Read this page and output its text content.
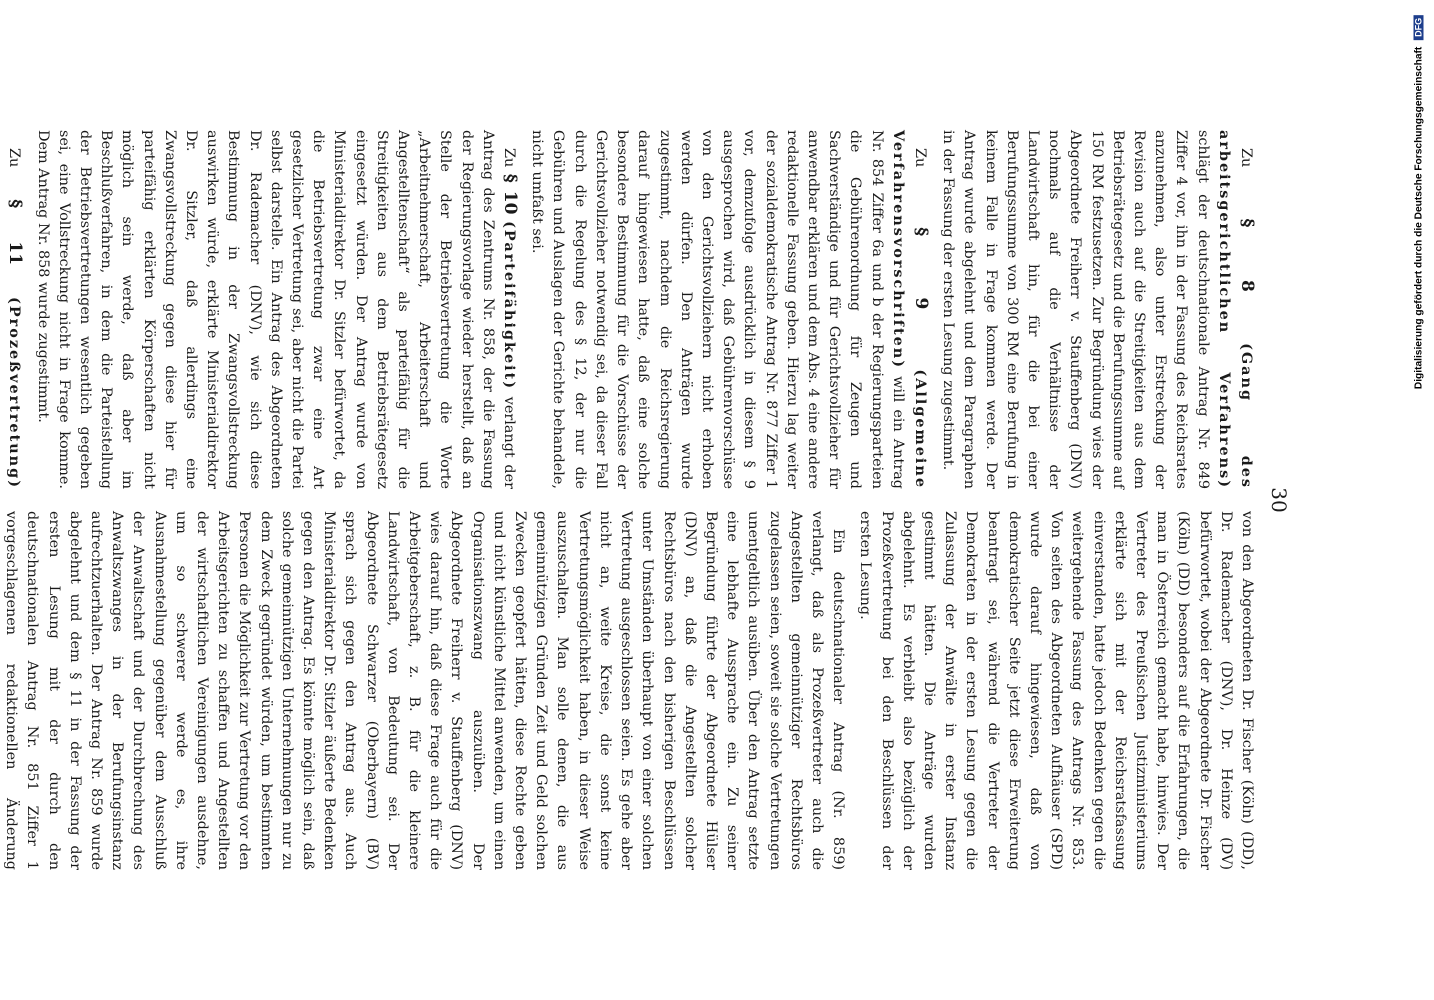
30

Zu § 8 (Gang des arbeitsgerichtlichen Verfahrens) schlägt der deutschnationale Antrag Nr. 849 Ziffer 4 vor, ihn in der Fassung des Reichsrates anzunehmen, also unter Erstreckung der Revision auch auf die Streitigkeiten aus dem Betriebsrätegesetz und die Berufungssumme auf 150 RM festzusetzen. Zur Begründung wies der Abgeordnete Freiherr v. Stauffenberg (DNV) nochmals auf die Verhältnisse der Landwirtschaft hin, für die bei einer Berufungssumme von 300 RM eine Berufung in keinem Falle in Frage kommen werde. Der Antrag wurde abgelehnt und dem Paragraphen in der Fassung der ersten Lesung zugestimmt.

Zu § 9 (Allgemeine Verfahrensvorschriften) will ein Antrag Nr. 854 Ziffer 6a und b der Regierungsparteien die Gebührenordnung für Zeugen und Sachverständige und für Gerichtsvollzieher für anwendbar erklären und dem Abs. 4 eine andere redaktionelle Fassung geben. Hierzu lag weiter der sozialdemokratische Antrag Nr. 877 Ziffer 1 vor, demzufolge ausdrücklich in diesem § 9 ausgesprochen wird, daß Gebührenvorschüsse von den Gerichtsvollziehern nicht erhoben werden dürfen. Den Anträgen wurde zugestimmt, nachdem die Reichsregierung darauf hingewiesen hatte, daß eine solche besondere Bestimmung für die Vorschüsse der Gerichtsvollzieher notwendig sei, da dieser Fall durch die Regelung des § 12, der nur die Gebühren und Auslagen der Gerichte behandele, nicht umfaßt sei.

Zu § 10 (Parteifähigkeit) verlangt der Antrag des Zentrums Nr. 858, der die Fassung der Regierungsvorlage wieder herstellt, daß an Stelle der Betriebsvertretung die Worte „Arbeitnehmerschaft, Arbeiterschaft und Angestelltenschaft“ als parteifähig für die Streitigkeiten aus dem Betriebsrätegesetz eingesetzt würden. Der Antrag wurde von Ministerialdirektor Dr. Sitzler befürwortet, da die Betriebsvertretung zwar eine Art gesetzlicher Vertretung sei, aber nicht die Partei selbst darstelle. Ein Antrag des Abgeordneten Dr. Rademacher (DNV), wie sich diese Bestimmung in der Zwangsvollstreckung auswirken würde, erklärte Ministerialdirektor Dr. Sitzler, daß allerdings eine Zwangsvollstreckung gegen diese hier für parteifähig erklärten Körperschaften nicht möglich sein werde, daß aber im Beschlußverfahren, in dem die Parteistellung der Betriebsvertretungen wesentlich gegeben sei, eine Vollstreckung nicht in Frage komme. Dem Antrag Nr. 858 wurde zugestimmt.

Zu § 11 (Prozeßvertretung)

von den Abgeordneten Dr. Fischer (Köln) (DD), Dr. Rademacher (DNV), Dr. Heinze (DV) befürwortet, wobei der Abgeordnete Dr. Fischer (Köln) (DD) besonders auf die Erfahrungen, die man in Österreich gemacht habe, hinwies. Der Vertreter des Preußischen Justizministeriums erklärte sich mit der Reichsratsfassung einverstanden, hatte jedoch Bedenken gegen die weitergehende Fassung des Antrags Nr. 853. Von seiten des Abgeordneten Aufhäuser (SPD) wurde darauf hingewiesen, daß von demokratischer Seite jetzt diese Erweiterung beantragt sei, während die Vertreter der Demokraten in der ersten Lesung gegen die Zulassung der Anwälte in erster Instanz gestimmt hätten. Die Anträge wurden abgelehnt. Es verbleibt also bezüglich der Prozeßvertretung bei den Beschlüssen der ersten Lesung.

Ein deutschnationaler Antrag (Nr. 859) verlangt, daß als Prozeßvertreter auch die Angestellten gemeinnütziger Rechtsbüros zugelassen seien, soweit sie solche Vertretungen unentgeltlich ausüben. Über den Antrag setzte eine lebhafte Aussprache ein. Zu seiner Begründung führte der Abgeordnete Hülser (DNV) an, daß die Angestellten solcher Rechtsbüros nach den bisherigen Beschlüssen unter Umständen überhaupt von einer solchen Vertretung ausgeschlossen seien. Es gehe aber nicht an, weite Kreise, die sonst keine Vertretungsmöglichkeit haben, in dieser Weise auszuschalten. Man solle denen, die aus gemeinnützigen Gründen Zeit und Geld solchen Zwecken geopfert hätten, diese Rechte geben und nicht künstliche Mittel anwenden, um einen Organisationszwang auszuüben. Der Abgeordnete Freiherr v. Stauffenberg (DNV) wies darauf hin, daß diese Frage auch für die Arbeitgeberschaft, z. B. für die kleinere Landwirtschaft, von Bedeutung sei. Der Abgeordnete Schwarzer (Oberbayern) (BV) sprach sich gegen den Antrag aus. Auch Ministerialdirektor Dr. Sitzler äußerte Bedenken gegen den Antrag. Es könnte möglich sein, daß solche gemeinnützigen Unternehmungen nur zu dem Zweck gegründet würden, um bestimmten Personen die Möglichkeit zur Vertretung vor den Arbeitsgerichten zu schaffen und Angestellten der wirtschaftlichen Vereinigungen ausdehne, um so schwerer werde es, ihre Ausnahmestellung gegenüber dem Ausschluß der Anwaltschaft und der Durchbrechung des Anwaltszwanges in der Berufungsinstanz aufrechtzuerhalten. Der Antrag Nr. 859 wurde abgelehnt und dem § 11 in der Fassung der ersten Lesung mit der durch den deutschnationalen Antrag Nr. 851 Ziffer 1 vorgeschlagenen redaktionellen Änderung

Digitalisierung gefördert durch die Deutsche Forschungsgemeinschaft DFG
